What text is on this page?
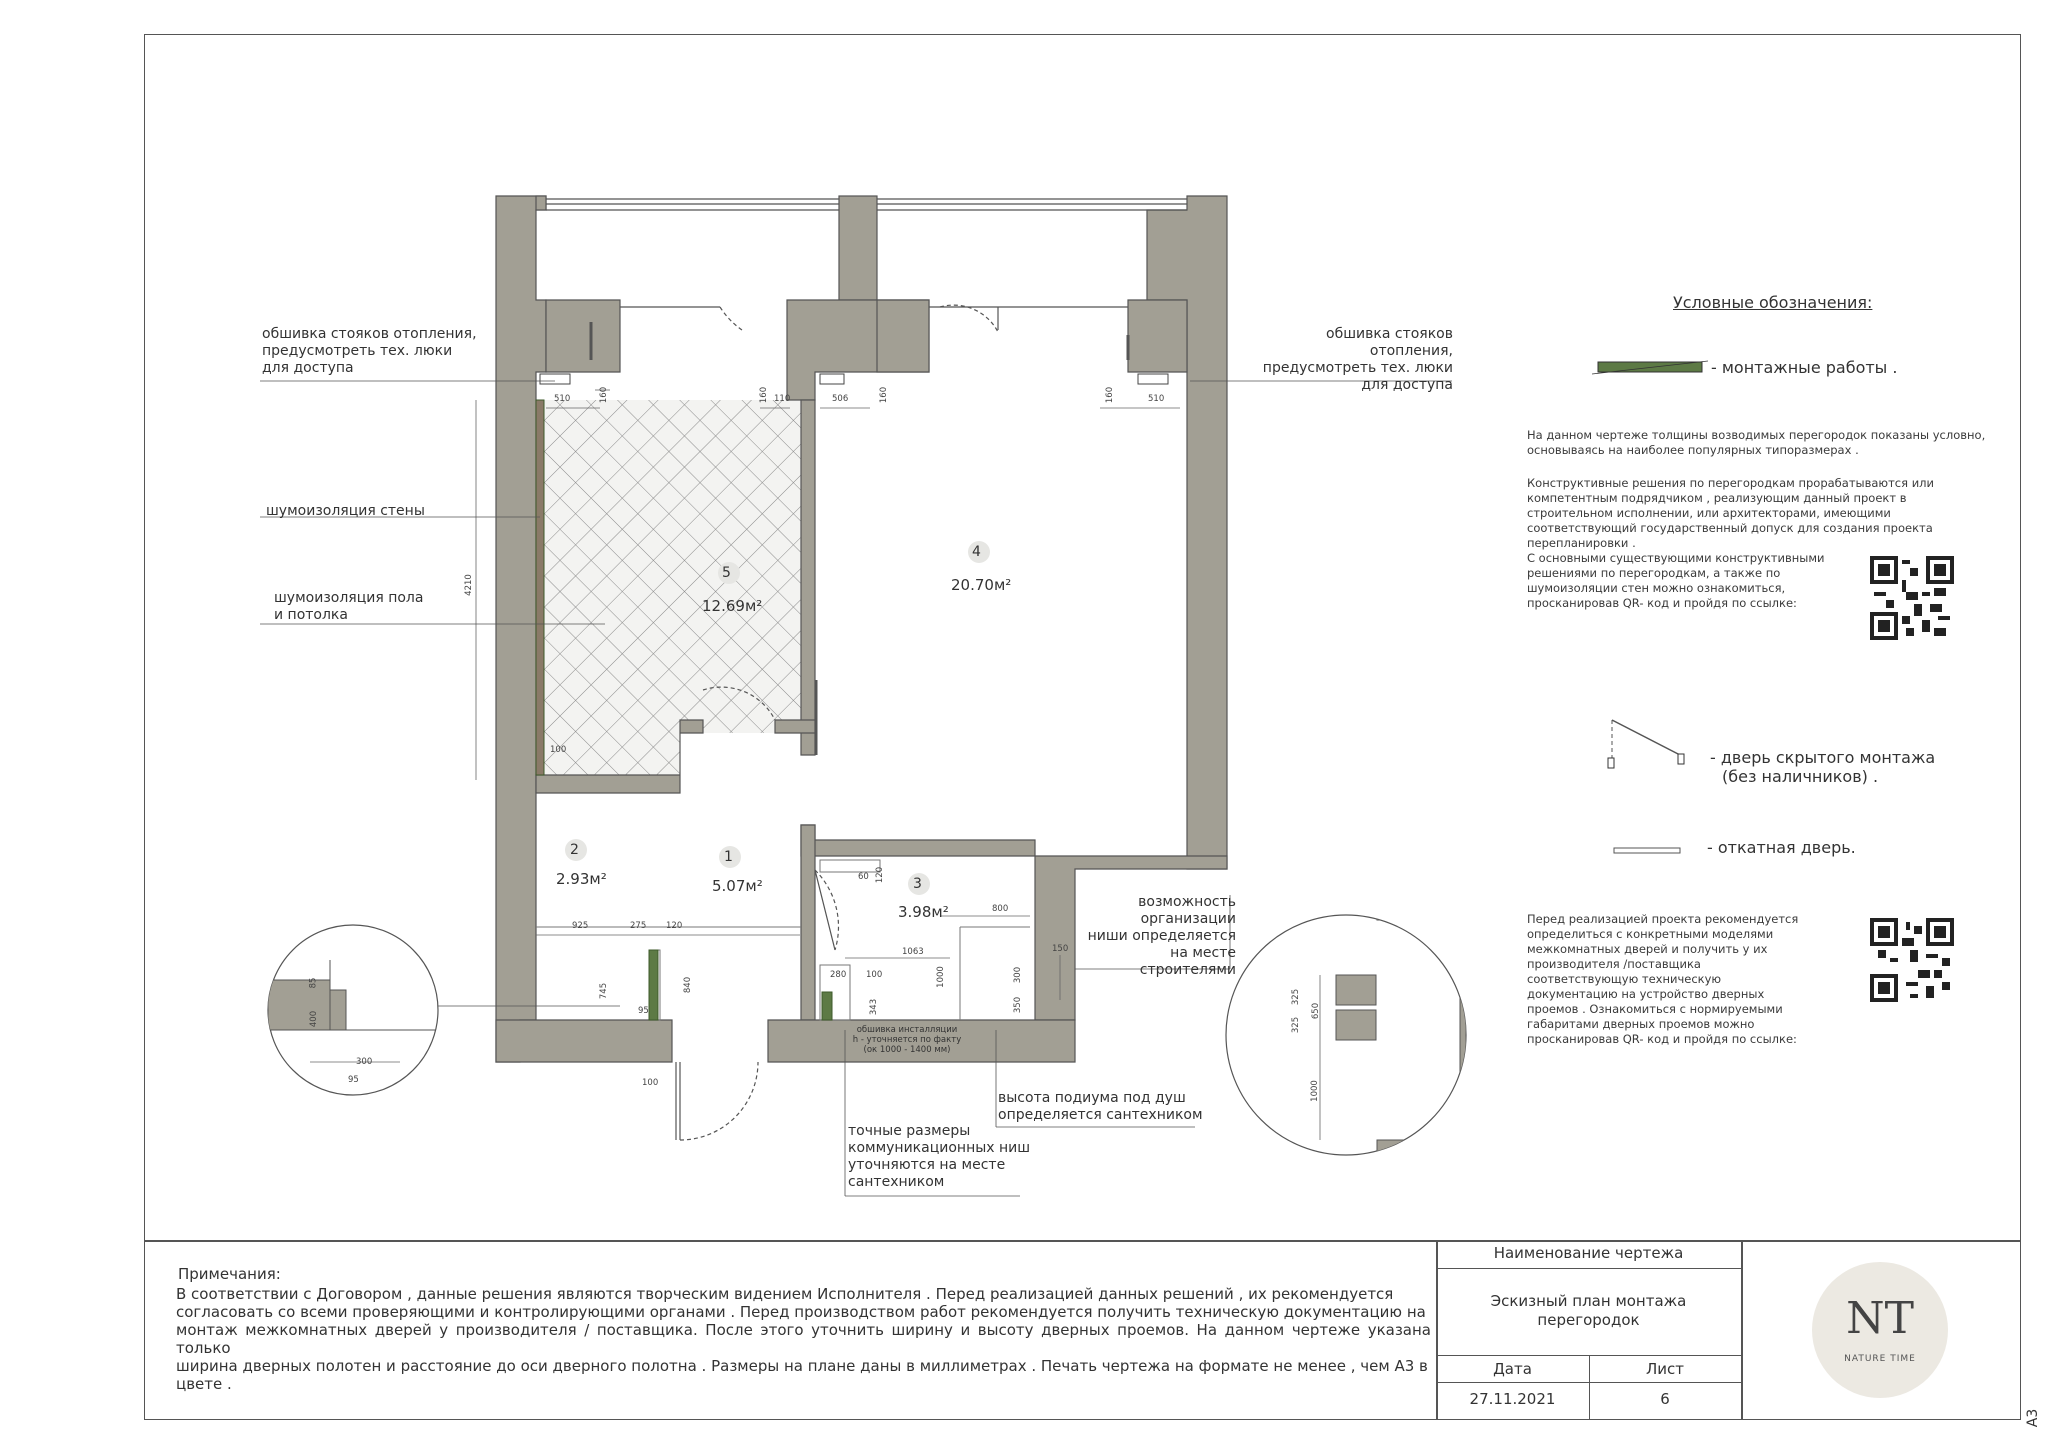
5
12.69м²
4
20.70м²
2
2.93м²
1
5.07м²	3
3.98м²
обшивка стояков отопления,
предусмотреть тех. люки
для доступа
обшивка стояков отопления,
предусмотреть тех. люки
для доступа
шумоизоляция стены
шумоизоляция пола
и потолка
возможность
организации
ниши определяется
на месте строителями
высота подиума под душ
определяется сантехником
точные размеры
коммуникационных ниш
уточняются на месте
сантехником
обшивка инсталляции
h - уточняется по факту
(ок 1000 - 1400 мм)
510	160	160 110	506	160	160	510
4210
100
925	275 120
745	840
95
100
60 120
800
1063
1000
280 100
343	350
300
150
85
400
300
95
325
325
650
1000
Условные обозначения:
- монтажные работы .
- дверь скрытого монтажа
(без наличников) .
- откатная дверь.
На данном чертеже толщины возводимых перегородок показаны условно,
основываясь на наиболее популярных типоразмерах .
Конструктивные решения по перегородкам прорабатываются или
компетентным подрядчиком , реализующим данный проект в
строительном исполнении, или архитекторами, имеющими
соответствующий государственный допуск для создания проекта
перепланировки .
С основными существующими конструктивными
решениями по перегородкам, а также по
шумоизоляции стен можно ознакомиться,
просканировав QR- код и пройдя по ссылке:
Перед реализацией проекта рекомендуется
определиться с конкретными моделями
межкомнатных дверей и получить у их
производителя /поставщика
соответствующую техническую
документацию на устройство дверных
проемов . Ознакомиться с нормируемыми
габаритами дверных проемов можно
просканировав QR- код и пройдя по ссылке:
Примечания:
В соответствии с Договором , данные решения являются творческим видением Исполнителя . Перед реализацией данных решений , их рекомендуется
согласовать со всеми проверяющими и контролирующими органами . Перед производством работ рекомендуется получить техническую документацию на
монтаж межкомнатных дверей у производителя / поставщика. После этого уточнить ширину и высоту дверных проемов. На данном чертеже указана только
ширина дверных полотен и расстояние до оси дверного полотна . Размеры на плане даны в миллиметрах . Печать чертежа на формате не менее , чем А3 в
цвете .
Наименование чертежа
Эскизный план монтажа
перегородок
Дата	Лист
27.11.2021	6
NT
NATURE TIME
А3
